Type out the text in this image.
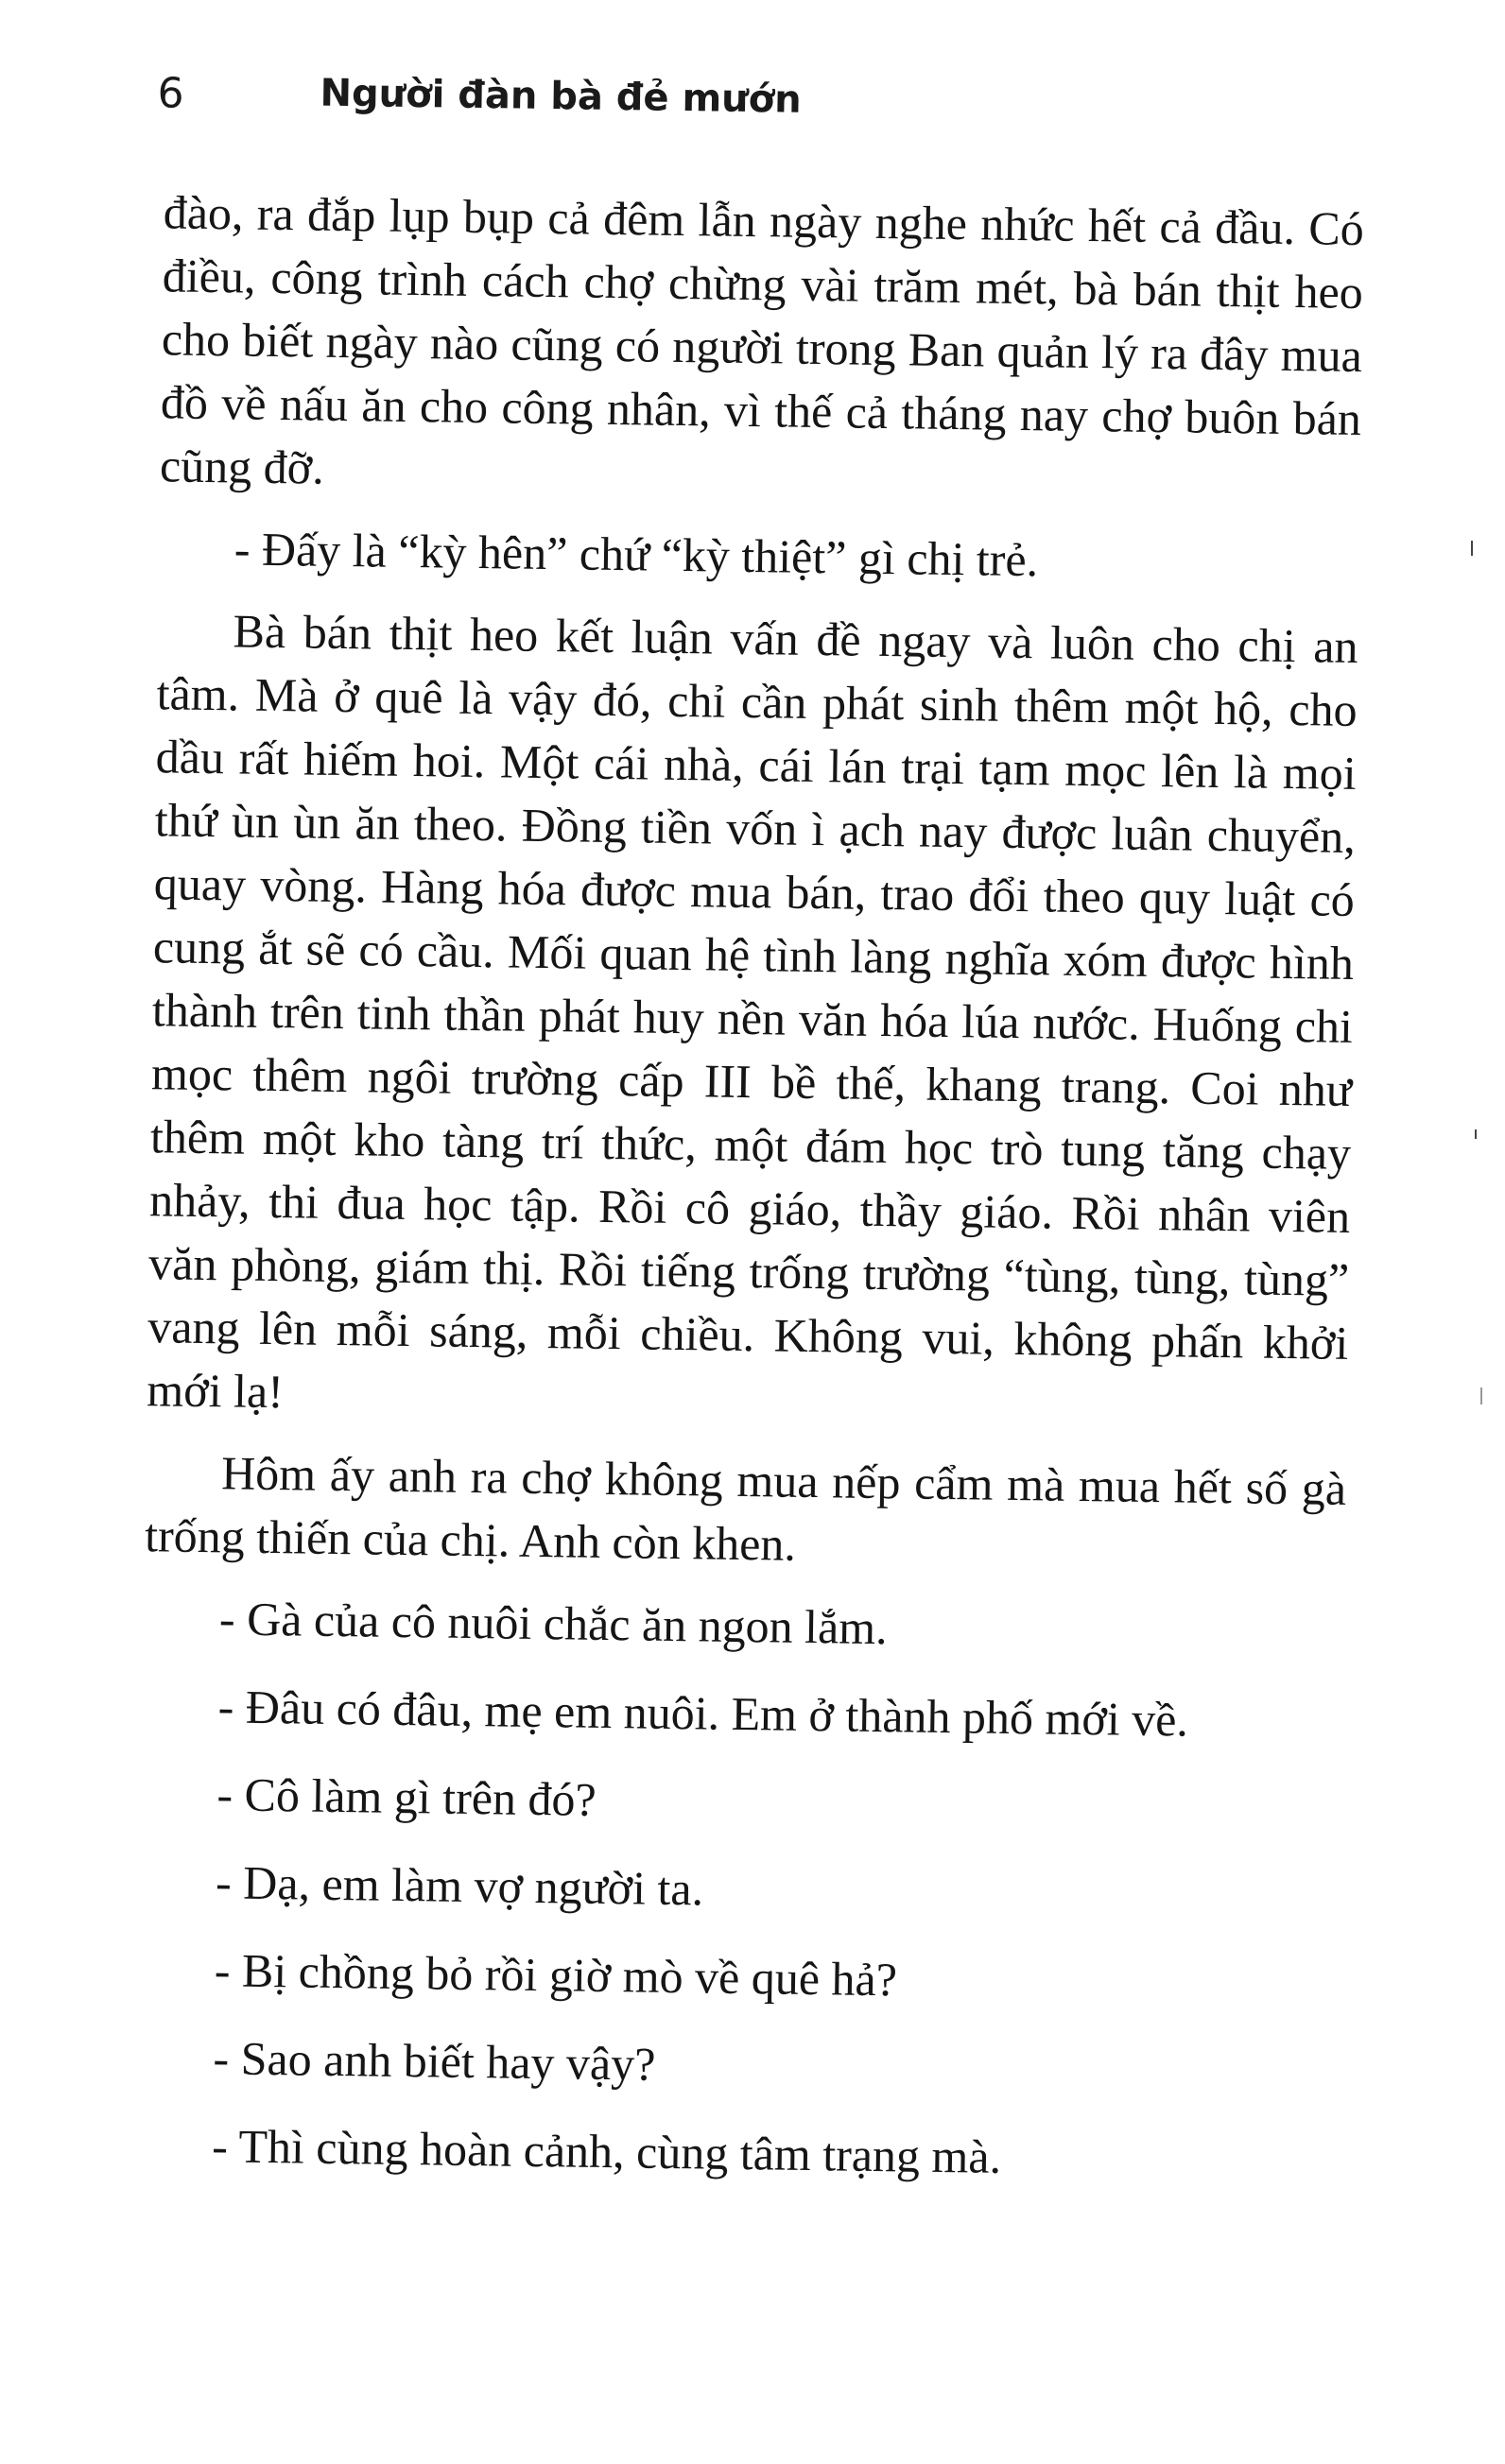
6	Người đàn bà đẻ mướn

đào, ra đắp lụp bụp cả đêm lẫn ngày nghe nhức hết cả đầu. Có điều, công trình cách chợ chừng vài trăm mét, bà bán thịt heo cho biết ngày nào cũng có người trong Ban quản lý ra đây mua đồ về nấu ăn cho công nhân, vì thế cả tháng nay chợ buôn bán cũng đỡ.

- Đấy là “kỳ hên” chứ “kỳ thiệt” gì chị trẻ.

Bà bán thịt heo kết luận vấn đề ngay và luôn cho chị an tâm. Mà ở quê là vậy đó, chỉ cần phát sinh thêm một hộ, cho dầu rất hiếm hoi. Một cái nhà, cái lán trại tạm mọc lên là mọi thứ ùn ùn ăn theo. Đồng tiền vốn ì ạch nay được luân chuyển, quay vòng. Hàng hóa được mua bán, trao đổi theo quy luật có cung ắt sẽ có cầu. Mối quan hệ tình làng nghĩa xóm được hình thành trên tinh thần phát huy nền văn hóa lúa nước. Huống chi mọc thêm ngôi trường cấp III bề thế, khang trang. Coi như thêm một kho tàng trí thức, một đám học trò tung tăng chạy nhảy, thi đua học tập. Rồi cô giáo, thầy giáo. Rồi nhân viên văn phòng, giám thị. Rồi tiếng trống trường “tùng, tùng, tùng” vang lên mỗi sáng, mỗi chiều. Không vui, không phấn khởi mới lạ!

Hôm ấy anh ra chợ không mua nếp cẩm mà mua hết số gà trống thiến của chị. Anh còn khen.

- Gà của cô nuôi chắc ăn ngon lắm.

- Đâu có đâu, mẹ em nuôi. Em ở thành phố mới về.

- Cô làm gì trên đó?

- Dạ, em làm vợ người ta.

- Bị chồng bỏ rồi giờ mò về quê hả?

- Sao anh biết hay vậy?

- Thì cùng hoàn cảnh, cùng tâm trạng mà.
